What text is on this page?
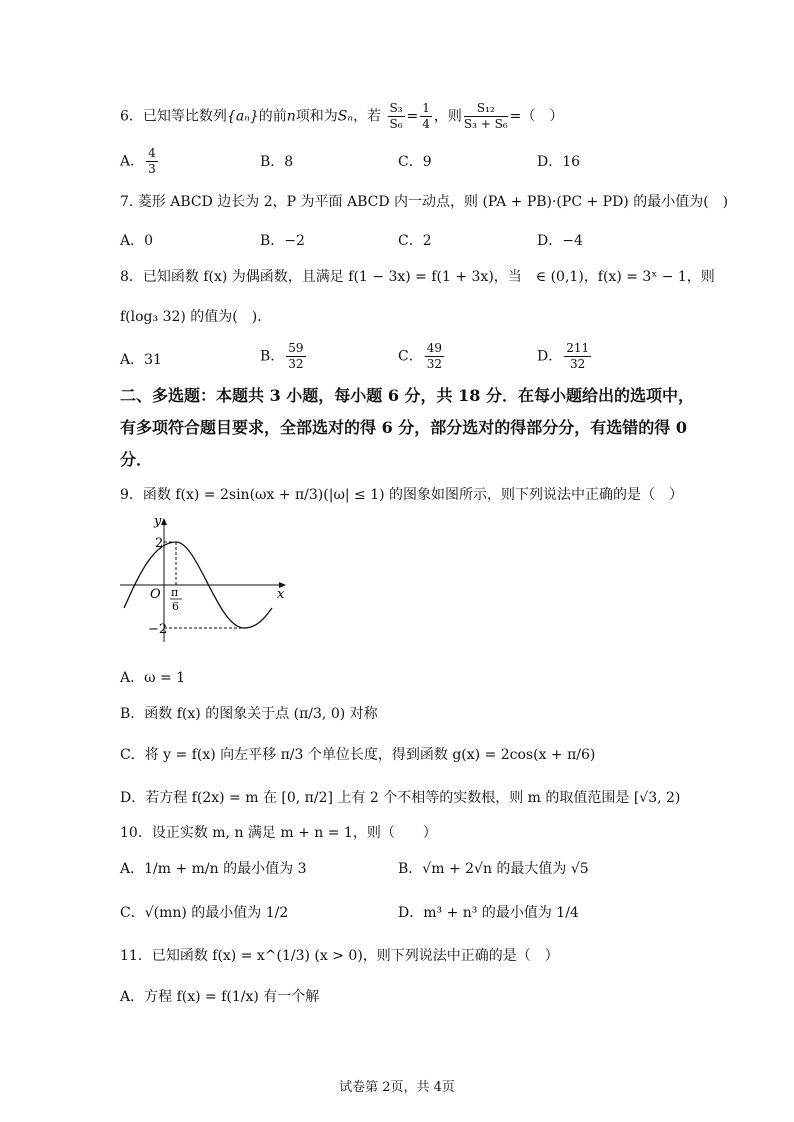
6．已知等比数列{aₙ}的前n项和为Sₙ，若 $\frac{\text{S₃}}{\text{S₆}} = \frac{1}{4}$ ，则 $\frac{\text{S₁₂}}{\text{S₃ + S₆}}$ =（　）
A． $\frac{4}{3}$	B．8	C．9	D．16
7. 菱形 ABCD 边长为 2，P 为平面 ABCD 内一动点，则 (PA + PB)·(PC + PD) 的最小值为(　)
A．0	B．−2	C．2	D．−4
8．已知函数 f(x) 为偶函数，且满足 f(1 − 3x) = f(1 + 3x)，当　∈ (0,1)，f(x) = 3ˣ − 1，则
f(log₃ 32) 的值为(　).
A．31	B． $\frac{59}{32}$	C． $\frac{49}{32}$	D． $\frac{211}{32}$
二、多选题：本题共 3 小题，每小题 6 分，共 18 分．在每小题给出的选项中，
有多项符合题目要求，全部选对的得 6 分，部分选对的得部分分，有选错的得 0
分．
9．函数 f(x) = 2sin(ωx + π/3)(|ω| ≤ 1) 的图象如图所示，则下列说法中正确的是（　）
y
x
O
2
−2
π
6
A．ω = 1
B．函数 f(x) 的图象关于点 (π/3, 0) 对称
C．将 y = f(x) 向左平移 π/3 个单位长度，得到函数 g(x) = 2cos(x + π/6)
D．若方程 f(2x) = m 在 [0, π/2] 上有 2 个不相等的实数根，则 m 的取值范围是 [√3, 2)
10．设正实数 m, n 满足 m + n = 1，则（　　）
A．1/m + m/n 的最小值为 3	B．√m + 2√n 的最大值为 √5
C．√(mn) 的最小值为 1/2	D．m³ + n³ 的最小值为 1/4
11．已知函数 f(x) = x^(1/3) (x > 0)，则下列说法中正确的是（　）
A．方程 f(x) = f(1/x) 有一个解
试卷第 2页，共 4页
